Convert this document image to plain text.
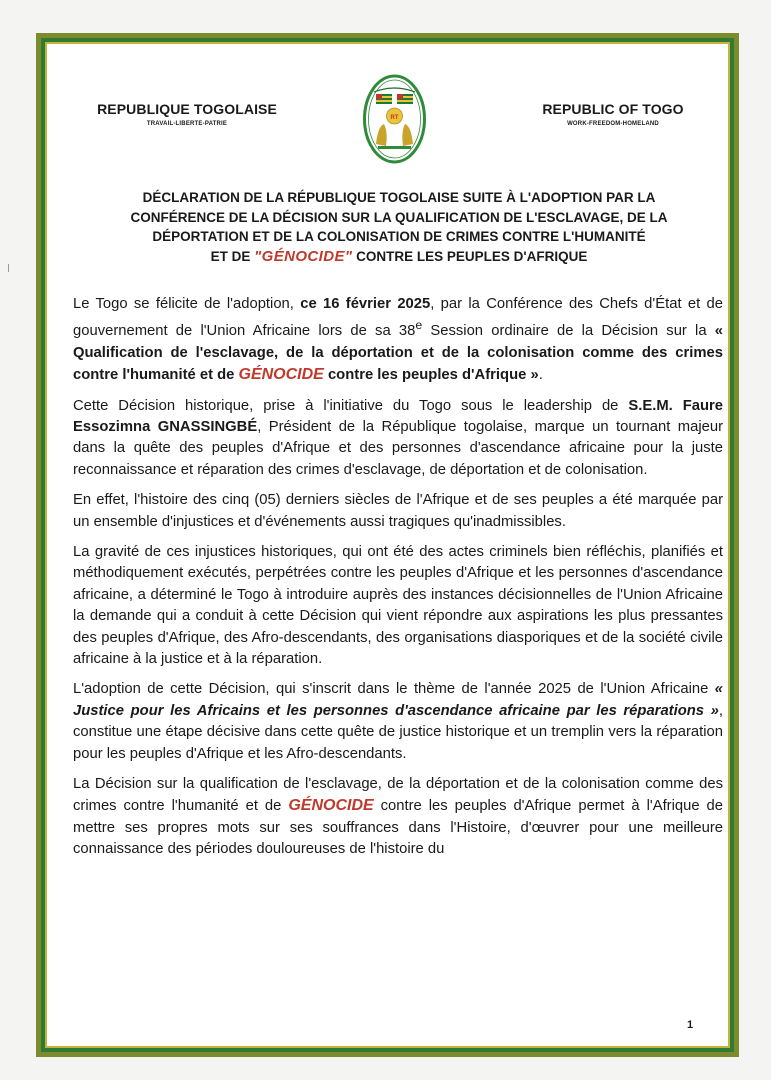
REPUBLIQUE TOGOLAISE
TRAVAIL-LIBERTE-PATRIE
RT
REPUBLIC OF TOGO
WORK-FREEDOM-HOMELAND
DÉCLARATION DE LA RÉPUBLIQUE TOGOLAISE SUITE À L'ADOPTION PAR LA
CONFÉRENCE DE LA DÉCISION SUR LA QUALIFICATION DE L'ESCLAVAGE, DE LA
DÉPORTATION ET DE LA COLONISATION DE CRIMES CONTRE L'HUMANITÉ
ET DE "GÉNOCIDE" CONTRE LES PEUPLES D'AFRIQUE

Le Togo se félicite de l'adoption, ce 16 février 2025, par la Conférence des Chefs d'État et de gouvernement de l'Union Africaine lors de sa 38e Session ordinaire de la Décision sur la « Qualification de l'esclavage, de la déportation et de la colonisation comme des crimes contre l'humanité et de GÉNOCIDE contre les peuples d'Afrique ».

Cette Décision historique, prise à l'initiative du Togo sous le leadership de S.E.M. Faure Essozimna GNASSINGBÉ, Président de la République togolaise, marque un tournant majeur dans la quête des peuples d'Afrique et des personnes d'ascendance africaine pour la juste reconnaissance et réparation des crimes d'esclavage, de déportation et de colonisation.

En effet, l'histoire des cinq (05) derniers siècles de l'Afrique et de ses peuples a été marquée par un ensemble d'injustices et d'événements aussi tragiques qu'inadmissibles.

La gravité de ces injustices historiques, qui ont été des actes criminels bien réfléchis, planifiés et méthodiquement exécutés, perpétrées contre les peuples d'Afrique et les personnes d'ascendance africaine, a déterminé le Togo à introduire auprès des instances décisionnelles de l'Union Africaine la demande qui a conduit à cette Décision qui vient répondre aux aspirations les plus pressantes des peuples d'Afrique, des Afro-descendants, des organisations diasporiques et de la société civile africaine à la justice et à la réparation.

L'adoption de cette Décision, qui s'inscrit dans le thème de l'année 2025 de l'Union Africaine « Justice pour les Africains et les personnes d'ascendance africaine par les réparations », constitue une étape décisive dans cette quête de justice historique et un tremplin vers la réparation pour les peuples d'Afrique et les Afro-descendants.

La Décision sur la qualification de l'esclavage, de la déportation et de la colonisation comme des crimes contre l'humanité et de GÉNOCIDE contre les peuples d'Afrique permet à l'Afrique de mettre ses propres mots sur ses souffrances dans l'Histoire, d'œuvrer pour une meilleure connaissance des périodes douloureuses de l'histoire du

1
